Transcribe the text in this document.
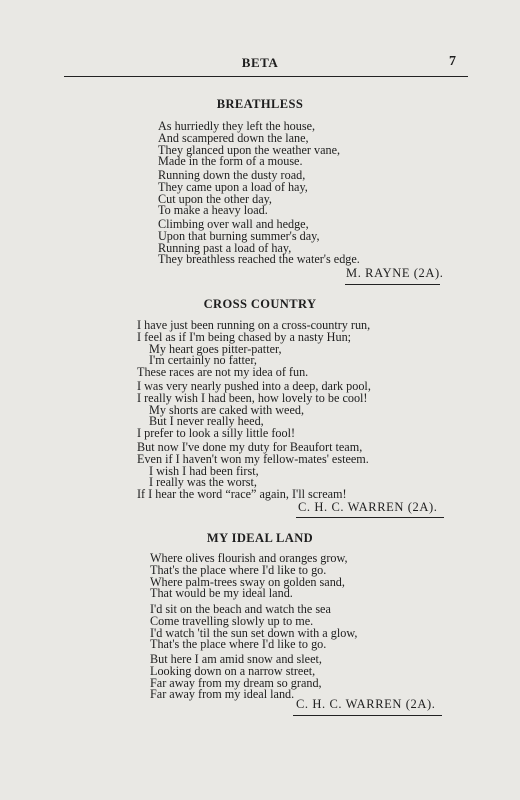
BETA	7
BREATHLESS
As hurriedly they left the house,
And scampered down the lane,
They glanced upon the weather vane,
Made in the form of a mouse.
Running down the dusty road,
They came upon a load of hay,
Cut upon the other day,
To make a heavy load.
Climbing over wall and hedge,
Upon that burning summer's day,
Running past a load of hay,
They breathless reached the water's edge.
M. RAYNE (2A).
CROSS COUNTRY
I have just been running on a cross-country run,
I feel as if I'm being chased by a nasty Hun;
My heart goes pitter-patter,
I'm certainly no fatter,
These races are not my idea of fun.
I was very nearly pushed into a deep, dark pool,
I really wish I had been, how lovely to be cool!
My shorts are caked with weed,
But I never really heed,
I prefer to look a silly little fool!
But now I've done my duty for Beaufort team,
Even if I haven't won my fellow-mates' esteem.
I wish I had been first,
I really was the worst,
If I hear the word “race” again, I'll scream!
C. H. C. WARREN (2A).
MY IDEAL LAND
Where olives flourish and oranges grow,
That's the place where I'd like to go.
Where palm-trees sway on golden sand,
That would be my ideal land.
I'd sit on the beach and watch the sea
Come travelling slowly up to me.
I'd watch 'til the sun set down with a glow,
That's the place where I'd like to go.
But here I am amid snow and sleet,
Looking down on a narrow street,
Far away from my dream so grand,
Far away from my ideal land.
C. H. C. WARREN (2A).
